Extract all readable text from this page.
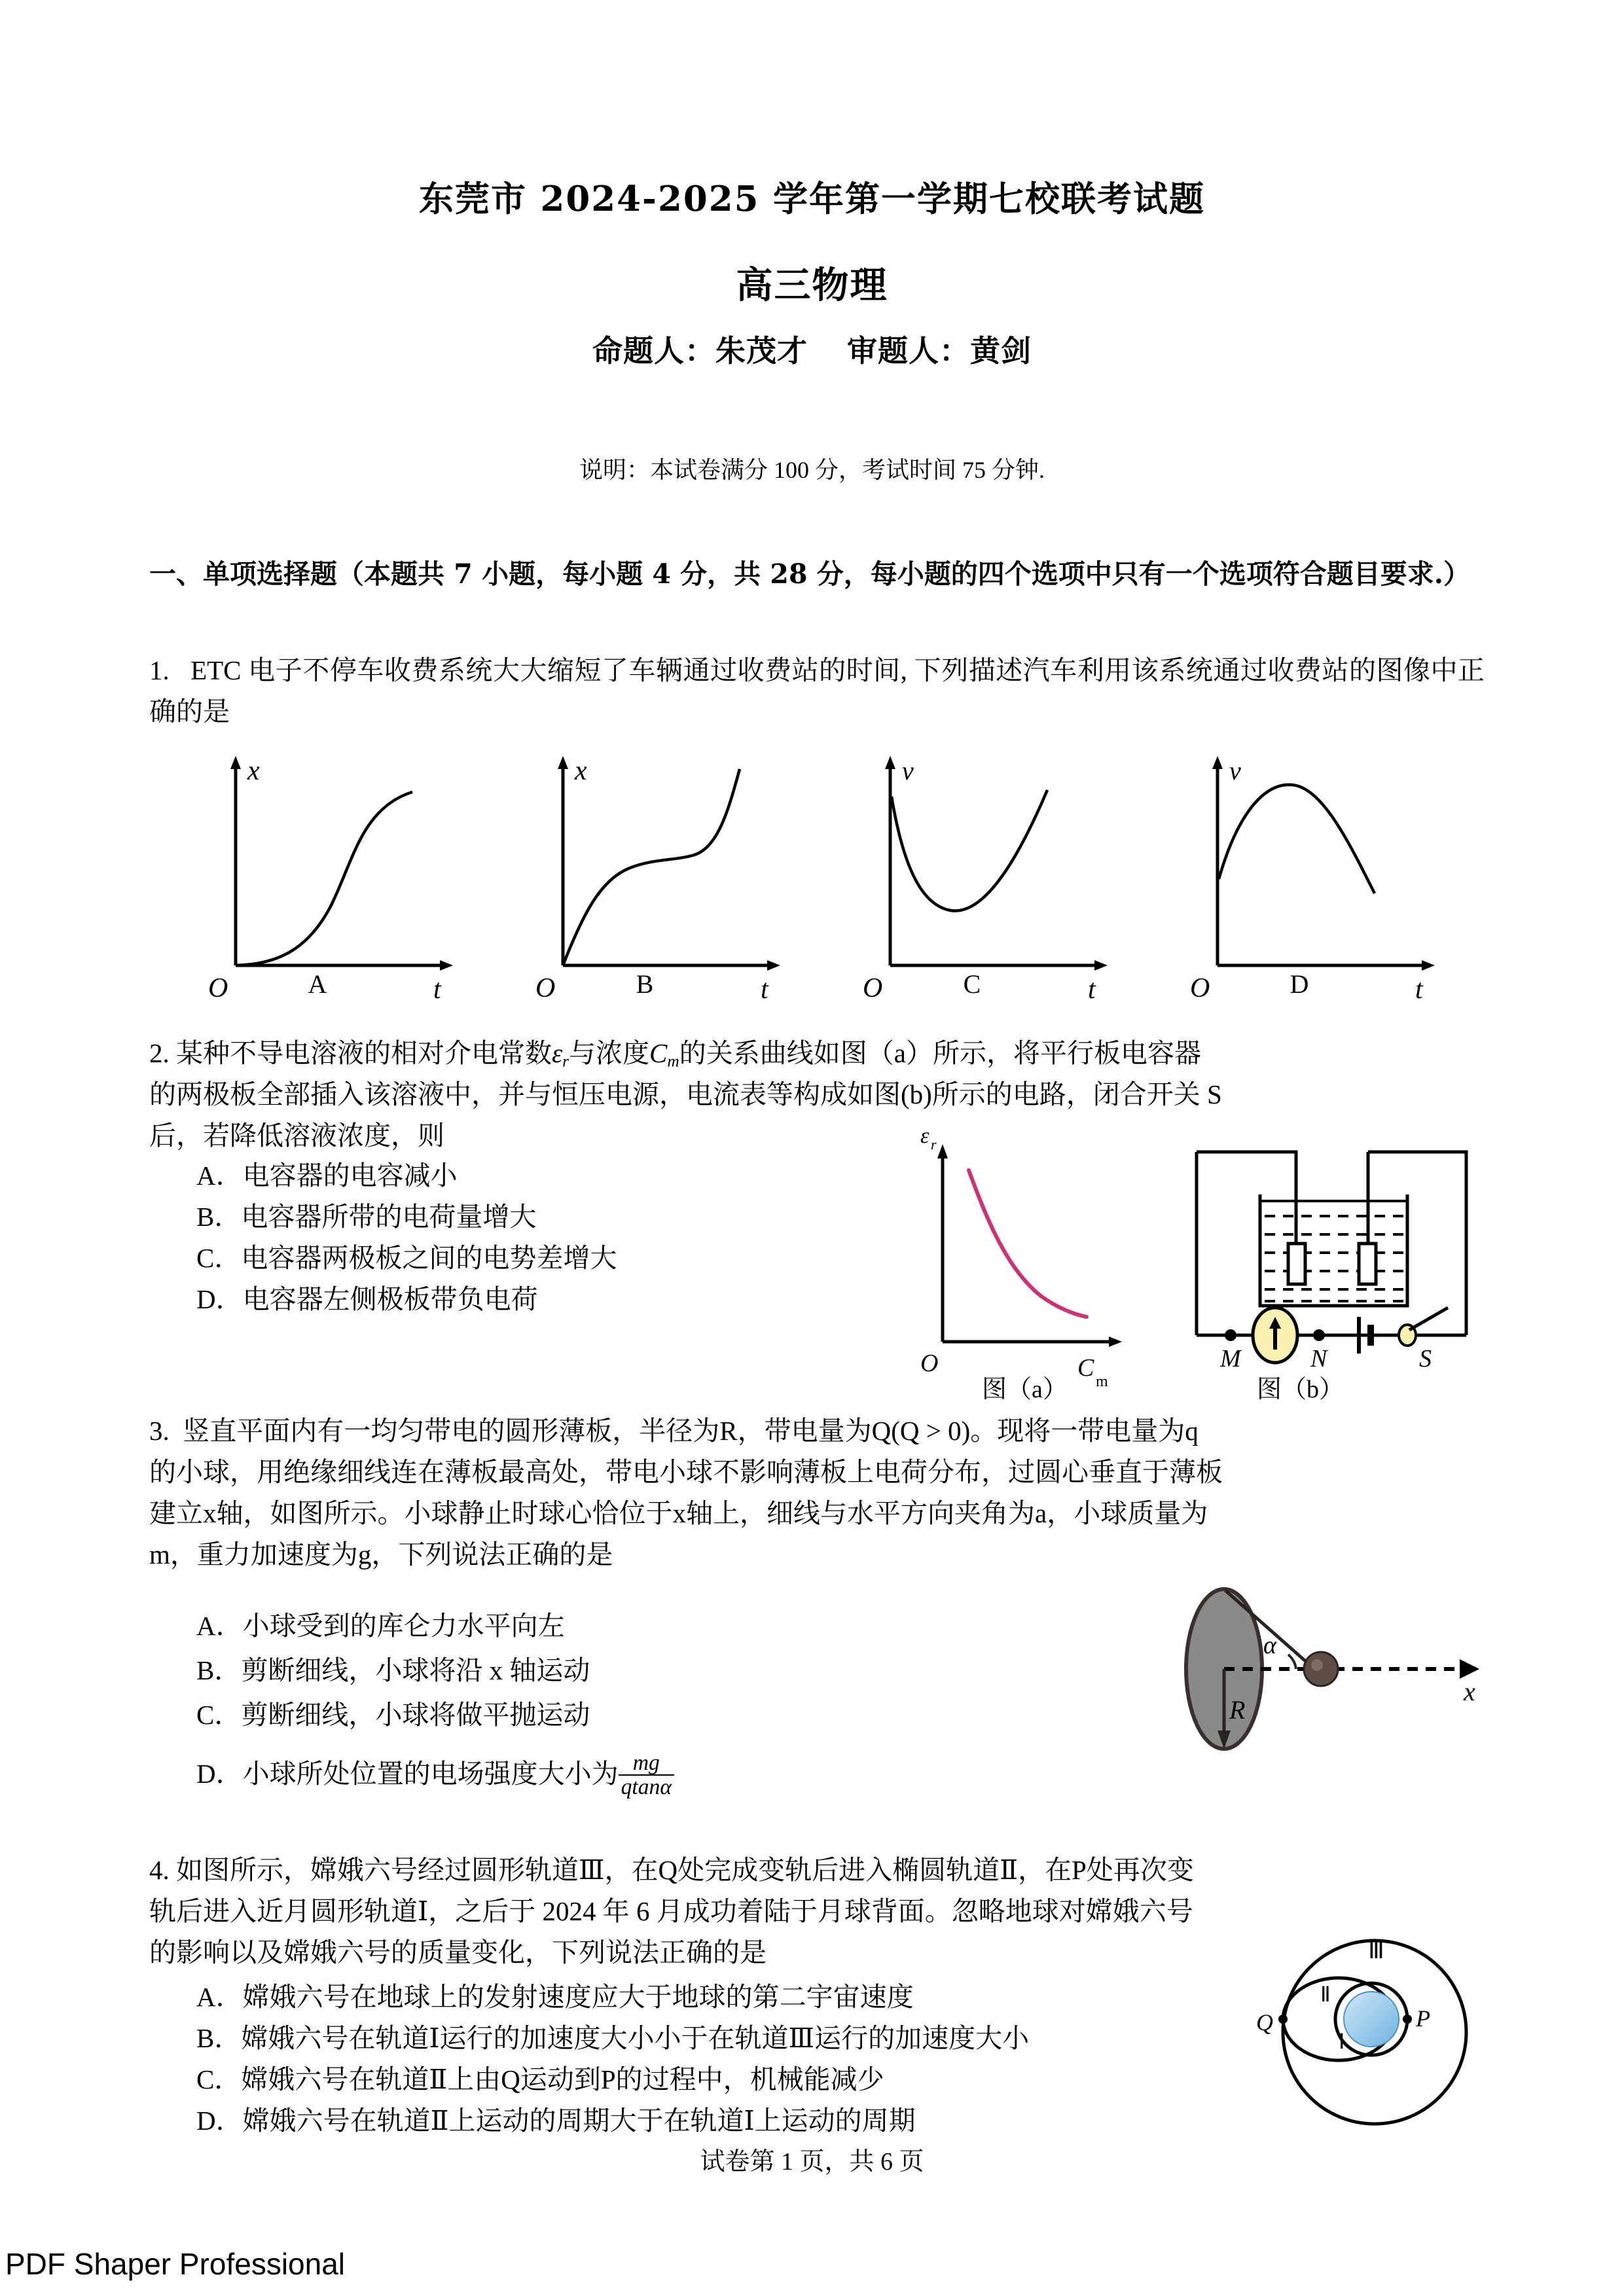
东莞市 2024-2025 学年第一学期七校联考试题
高三物理
命题人：朱茂才 审题人：黄剑
说明：本试卷满分 100 分，考试时间 75 分钟.
一、单项选择题（本题共 7 小题，每小题 4 分，共 28 分，每小题的四个选项中只有一个选项符合题目要求.）
1. ETC 电子不停车收费系统大大缩短了车辆通过收费站的时间, 下列描述汽车利用该系统通过收费站的图像中正确的是
x
t
O
x
t
O
v
t
O
v
t
O
A	B	C	D
2. 某种不导电溶液的相对介电常数$\varepsilon_r$与浓度$C_m$的关系曲线如图（a）所示，将平行板电容器
的两极板全部插入该溶液中，并与恒压电源，电流表等构成如图(b)所示的电路，闭合开关 S
后，若降低溶液浓度，则
A．电容器的电容减小
B．电容器所带的电荷量增大
C．电容器两极板之间的电势差增大
D．电容器左侧极板带负电荷
O
ε r
C m
图（a）
M	N	S
图（b）
3. 竖直平面内有一均匀带电的圆形薄板，半径为R，带电量为Q(Q > 0)。现将一带电量为q
的小球，用绝缘细线连在薄板最高处，带电小球不影响薄板上电荷分布，过圆心垂直于薄板
建立x轴，如图所示。小球静止时球心恰位于x轴上，细线与水平方向夹角为a，小球质量为
m，重力加速度为g，下列说法正确的是
A．小球受到的库仑力水平向左
B．剪断细线，小球将沿 x 轴运动
C．剪断细线，小球将做平抛运动
D．小球所处位置的电场强度大小为 $\frac{mg}{qtan\alpha}$
x
α
R
4. 如图所示，嫦娥六号经过圆形轨道Ⅲ，在Q处完成变轨后进入椭圆轨道Ⅱ，在P处再次变
轨后进入近月圆形轨道Ⅰ，之后于 2024 年 6 月成功着陆于月球背面。忽略地球对嫦娥六号
的影响以及嫦娥六号的质量变化，下列说法正确的是
A．嫦娥六号在地球上的发射速度应大于地球的第二宇宙速度
B．嫦娥六号在轨道Ⅰ运行的加速度大小小于在轨道Ⅲ运行的加速度大小
C．嫦娥六号在轨道Ⅱ上由Q运动到P的过程中，机械能减少
D．嫦娥六号在轨道Ⅱ上运动的周期大于在轨道Ⅰ上运动的周期
Ⅲ
Ⅱ
Ⅰ
P
Q
试卷第 1 页，共 6 页
PDF Shaper Professional
